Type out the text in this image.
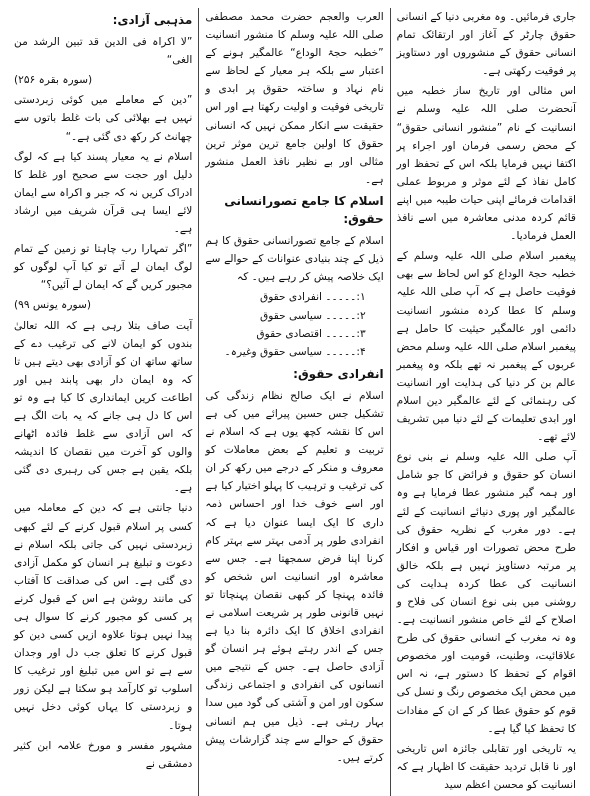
جاری فرمائیں۔ وہ مغربی دنیا کے انسانی حقوق چارٹر کے آغاز اور ارتقائک تمام انسانی حقوق کے منشوروں اور دستاویز پر فوقیت رکھتی ہے۔

اس مثالی اور تاریخ ساز خطبہ میں آنحضرت صلی اللہ علیہ وسلم نے انسانیت کے نام ”منشور انسانی حقوق“ کے محض رسمی فرمان اور اجراء پر اکتفا نہیں فرمایا بلکہ اس کے تحفظ اور کامل نفاذ کے لئے موثر و مربوط عملی اقدامات فرمائے اپنی حیات طیبہ میں اپنے قائم کردہ مدنی معاشرہ میں اسے نافذ العمل فرمادیا۔

پیغمبر اسلام صلی اللہ علیہ وسلم کے خطبہ حجۃ الوداع کو اس لحاظ سے بھی فوقیت حاصل ہے کہ آپ صلی اللہ علیہ وسلم کا عطا کردہ منشور انسانیت دائمی اور عالمگیر حیثیت کا حامل ہے پیغمبر اسلام صلی اللہ علیہ وسلم محض عربوں کے پیغمبر نہ تھے بلکہ وہ پیغمبر عالم بن کر دنیا کی ہدایت اور انسانیت کی رہنمائی کے لئے عالمگیر دین اسلام اور ابدی تعلیمات کے لئے دنیا میں تشریف لائے تھے۔

آپ صلی اللہ علیہ وسلم نے بنی نوع انسان کو حقوق و فرائض کا جو شامل اور ہمہ گیر منشور عطا فرمایا ہے وہ عالمگیر اور پوری دنیائے انسانیت کے لئے ہے۔ دور مغرب کے نظریہ حقوق کی طرح محض تصورات اور قیاس و افکار پر مرتبہ دستاویز نہیں ہے بلکہ خالق انسانیت کی عطا کردہ ہدایت کی روشنی میں بنی نوع انسان کی فلاح و اصلاح کے لئے خاص منشور انسانیت ہے۔ وہ نہ مغرب کے انسانی حقوق کی طرح علاقائیت، وطنیت، قومیت اور مخصوص اقوام کے تحفظ کا دستور ہے، نہ اس میں محض ایک مخصوص رنگ و نسل کی قوم کو حقوق عطا کر کے ان کے مفادات کا تحفظ کیا گیا ہے۔

یہ تاریخی اور تقابلی جائزہ اس تاریخی اور نا قابل تردید حقیقت کا اظہار ہے کہ انسانیت کو محسن اعظم سید

العرب والعجم حضرت محمد مصطفی صلی اللہ علیہ وسلم کا منشور انسانیت ”خطبہ حجۃ الوداع“ عالمگیر ہونے کے اعتبار سے بلکہ ہر معیار کے لحاظ سے نام نہاد و ساختہ حقوق پر ابدی و تاریخی فوقیت و اولیت رکھتا ہے اور اس حقیقت سے انکار ممکن نہیں کہ انسانی حقوق کا اولین جامع ترین موثر ترین مثالی اور بے نظیر نافذ العمل منشور ہے۔

اسلام کا جامع تصورانسانی حقوق:

اسلام کے جامع تصورانسانی حقوق کا ہم ذیل کے چند بنیادی عنوانات کے حوالے سے ایک خلاصہ پیش کر رہے ہیں۔ کہ

۱:۔۔۔۔۔ انفرادی حقوق
۲:۔۔۔۔۔ سیاسی حقوق
۳:۔۔۔۔۔ اقتصادی حقوق
۴:۔۔۔۔۔ سیاسی حقوق وغیرہ۔
انفرادی حقوق:

اسلام نے ایک صالح نظام زندگی کی تشکیل جس حسین پیرائے میں کی ہے اس کا نقشہ کچھ یوں ہے کہ اسلام نے تربیت و تعلیم کے بعض معاملات کو معروف و منکر کے درجے میں رکھ کر ان کی ترغیب و ترہیب کا پہلو اختیار کیا ہے اور اسے خوف خدا اور احساس ذمہ داری کا ایک ایسا عنوان دیا ہے کہ انفرادی طور پر آدمی بہتر سے بہتر کام کرنا اپنا فرض سمجھتا ہے۔ جس سے معاشرہ اور انسانیت اس شخص کو فائدہ پہنچا کر کبھی نقصان پہنچاتا تو نہیں قانونی طور پر شریعت اسلامی نے انفرادی اخلاق کا ایک دائرہ بنا دیا ہے جس کے اندر رہتے ہوئے ہر انسان گو آزادی حاصل ہے۔ جس کے نتیجے میں انسانوں کی انفرادی و اجتماعی زندگی سکون اور امن و آشتی کی گود میں سدا بہار رہتی ہے۔ ذیل میں ہم انسانی حقوق کے حوالے سے چند گزارشات پیش کرتے ہیں۔

مذہبی آزادی:

”لا اکراہ فی الدین قد تبین الرشد من الغی“

(سورہ بقرہ ۲۵۶)

”دین کے معاملے میں کوئی زبردستی نہیں ہے بھلائی کی بات غلط باتوں سے چھانٹ کر رکھ دی گئی ہے۔“

اسلام نے یہ معیار پسند کیا ہے کہ لوگ دلیل اور حجت سے صحیح اور غلط کا ادراک کریں نہ کہ جبر و اکراہ سے ایمان لائے ایسا ہی قرآن شریف میں ارشاد ہے۔

”اگر تمہارا رب چاہتا تو زمین کے تمام لوگ ایمان لے آتے تو کیا آپ لوگوں کو مجبور کریں گے کہ ایمان لے آئیں؟“

(سورہ یونس ۹۹)

آیت صاف بتلا رہی ہے کہ اللہ تعالیٰ بندوں کو ایمان لانے کی ترغیب دے کے ساتھ ساتھ ان کو آزادی بھی دیتے ہیں تا کہ وہ ایمان دار بھی پابند ہیں اور اطاعت کریں ایمانداری کا کیا ہے وہ تو اس کا دل ہی جانے کہ یہ بات الگ ہے کہ اس آزادی سے غلط فائدہ اٹھانے والوں کو آخرت میں نقصان کا اندیشہ بلکہ یقین ہے جس کی رہبری دی گئی ہے۔

دنیا جانتی ہے کہ دین کے معاملہ میں کسی پر اسلام قبول کرنے کے لئے کبھی زبردستی نہیں کی جاتی بلکہ اسلام نے دعوت و تبلیغ ہر انسان کو مکمل آزادی دی گئی ہے۔ اس کی صداقت کا آفتاب کی مانند روشن ہے اس کے قبول کرنے پر کسی کو مجبور کرنے کا سوال ہی پیدا نہیں ہوتا علاوہ ازیں کسی دین کو قبول کرنے کا تعلق جب دل اور وجدان سے ہے تو اس میں تبلیغ اور ترغیب کا اسلوب تو کارآمد ہو سکتا ہے لیکن زور و زبردستی کا یہاں کوئی دخل نہیں ہوتا۔

مشہور مفسر و مورخ علامہ ابن کثیر دمشقی نے
